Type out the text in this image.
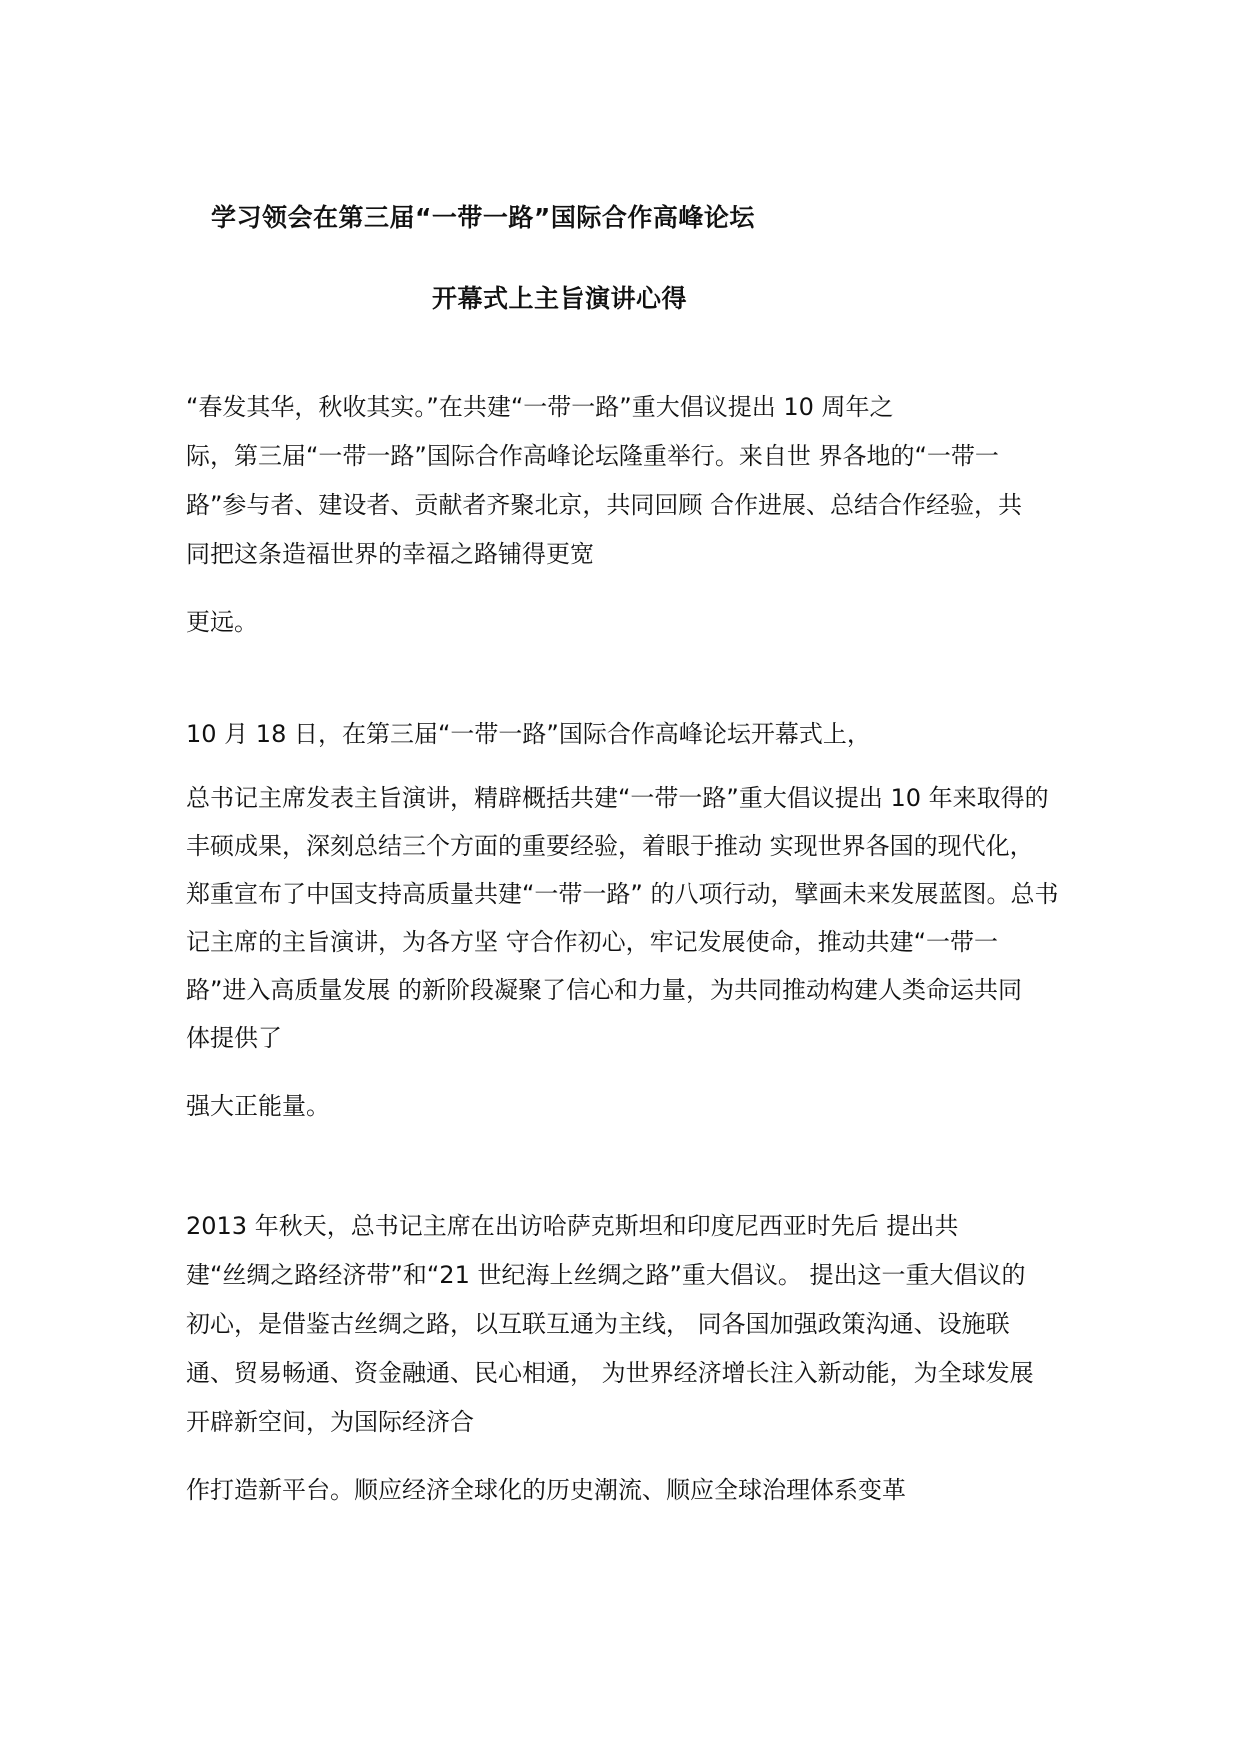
学习领会在第三届“一带一路”国际合作高峰论坛
开幕式上主旨演讲心得
“春发其华，秋收其实。”在共建“一带一路”重大倡议提出 10 周年之
际，第三届“一带一路”国际合作高峰论坛隆重举行。来自世 界各地的“一带一
路”参与者、建设者、贡献者齐聚北京，共同回顾 合作进展、总结合作经验，共
同把这条造福世界的幸福之路铺得更宽
更远。
10 月 18 日，在第三届“一带一路”国际合作高峰论坛开幕式上，
总书记主席发表主旨演讲，精辟概括共建“一带一路”重大倡议提出 10 年来取得的
丰硕成果，深刻总结三个方面的重要经验，着眼于推动 实现世界各国的现代化，
郑重宣布了中国支持高质量共建“一带一路” 的八项行动，擘画未来发展蓝图。总书
记主席的主旨演讲，为各方坚 守合作初心，牢记发展使命，推动共建“一带一
路”进入高质量发展 的新阶段凝聚了信心和力量，为共同推动构建人类命运共同
体提供了
强大正能量。
2013 年秋天，总书记主席在出访哈萨克斯坦和印度尼西亚时先后 提出共
建“丝绸之路经济带”和“21 世纪海上丝绸之路”重大倡议。 提出这一重大倡议的
初心，是借鉴古丝绸之路，以互联互通为主线， 同各国加强政策沟通、设施联
通、贸易畅通、资金融通、民心相通， 为世界经济增长注入新动能，为全球发展
开辟新空间，为国际经济合
作打造新平台。顺应经济全球化的历史潮流、顺应全球治理体系变革
